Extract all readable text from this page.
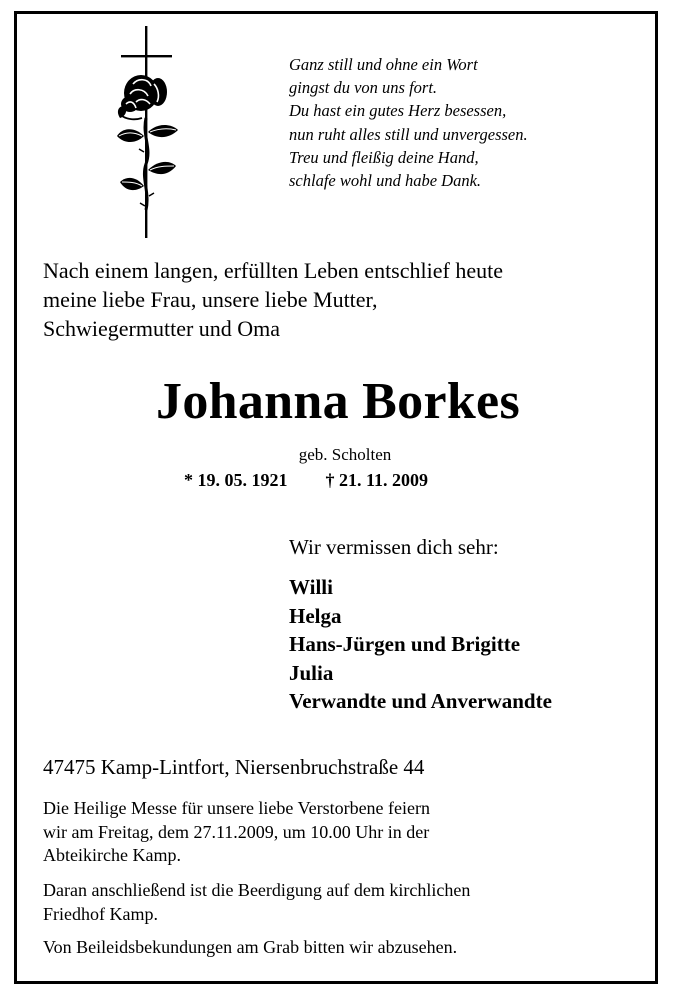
Ganz still und ohne ein Wort
gingst du von uns fort.
Du hast ein gutes Herz besessen,
nun ruht alles still und unvergessen.
Treu und fleißig deine Hand,
schlafe wohl und habe Dank.
Nach einem langen, erfüllten Leben entschlief heute
meine liebe Frau, unsere liebe Mutter,
Schwiegermutter und Oma
Johanna Borkes
geb. Scholten
* 19. 05. 1921 † 21. 11. 2009
Wir vermissen dich sehr:
Willi
Helga
Hans-Jürgen und Brigitte
Julia
Verwandte und Anverwandte
47475 Kamp-Lintfort, Niersenbruchstraße 44
Die Heilige Messe für unsere liebe Verstorbene feiern
wir am Freitag, dem 27.11.2009, um 10.00 Uhr in der
Abteikirche Kamp.
Daran anschließend ist die Beerdigung auf dem kirchlichen
Friedhof Kamp.
Von Beileidsbekundungen am Grab bitten wir abzusehen.
